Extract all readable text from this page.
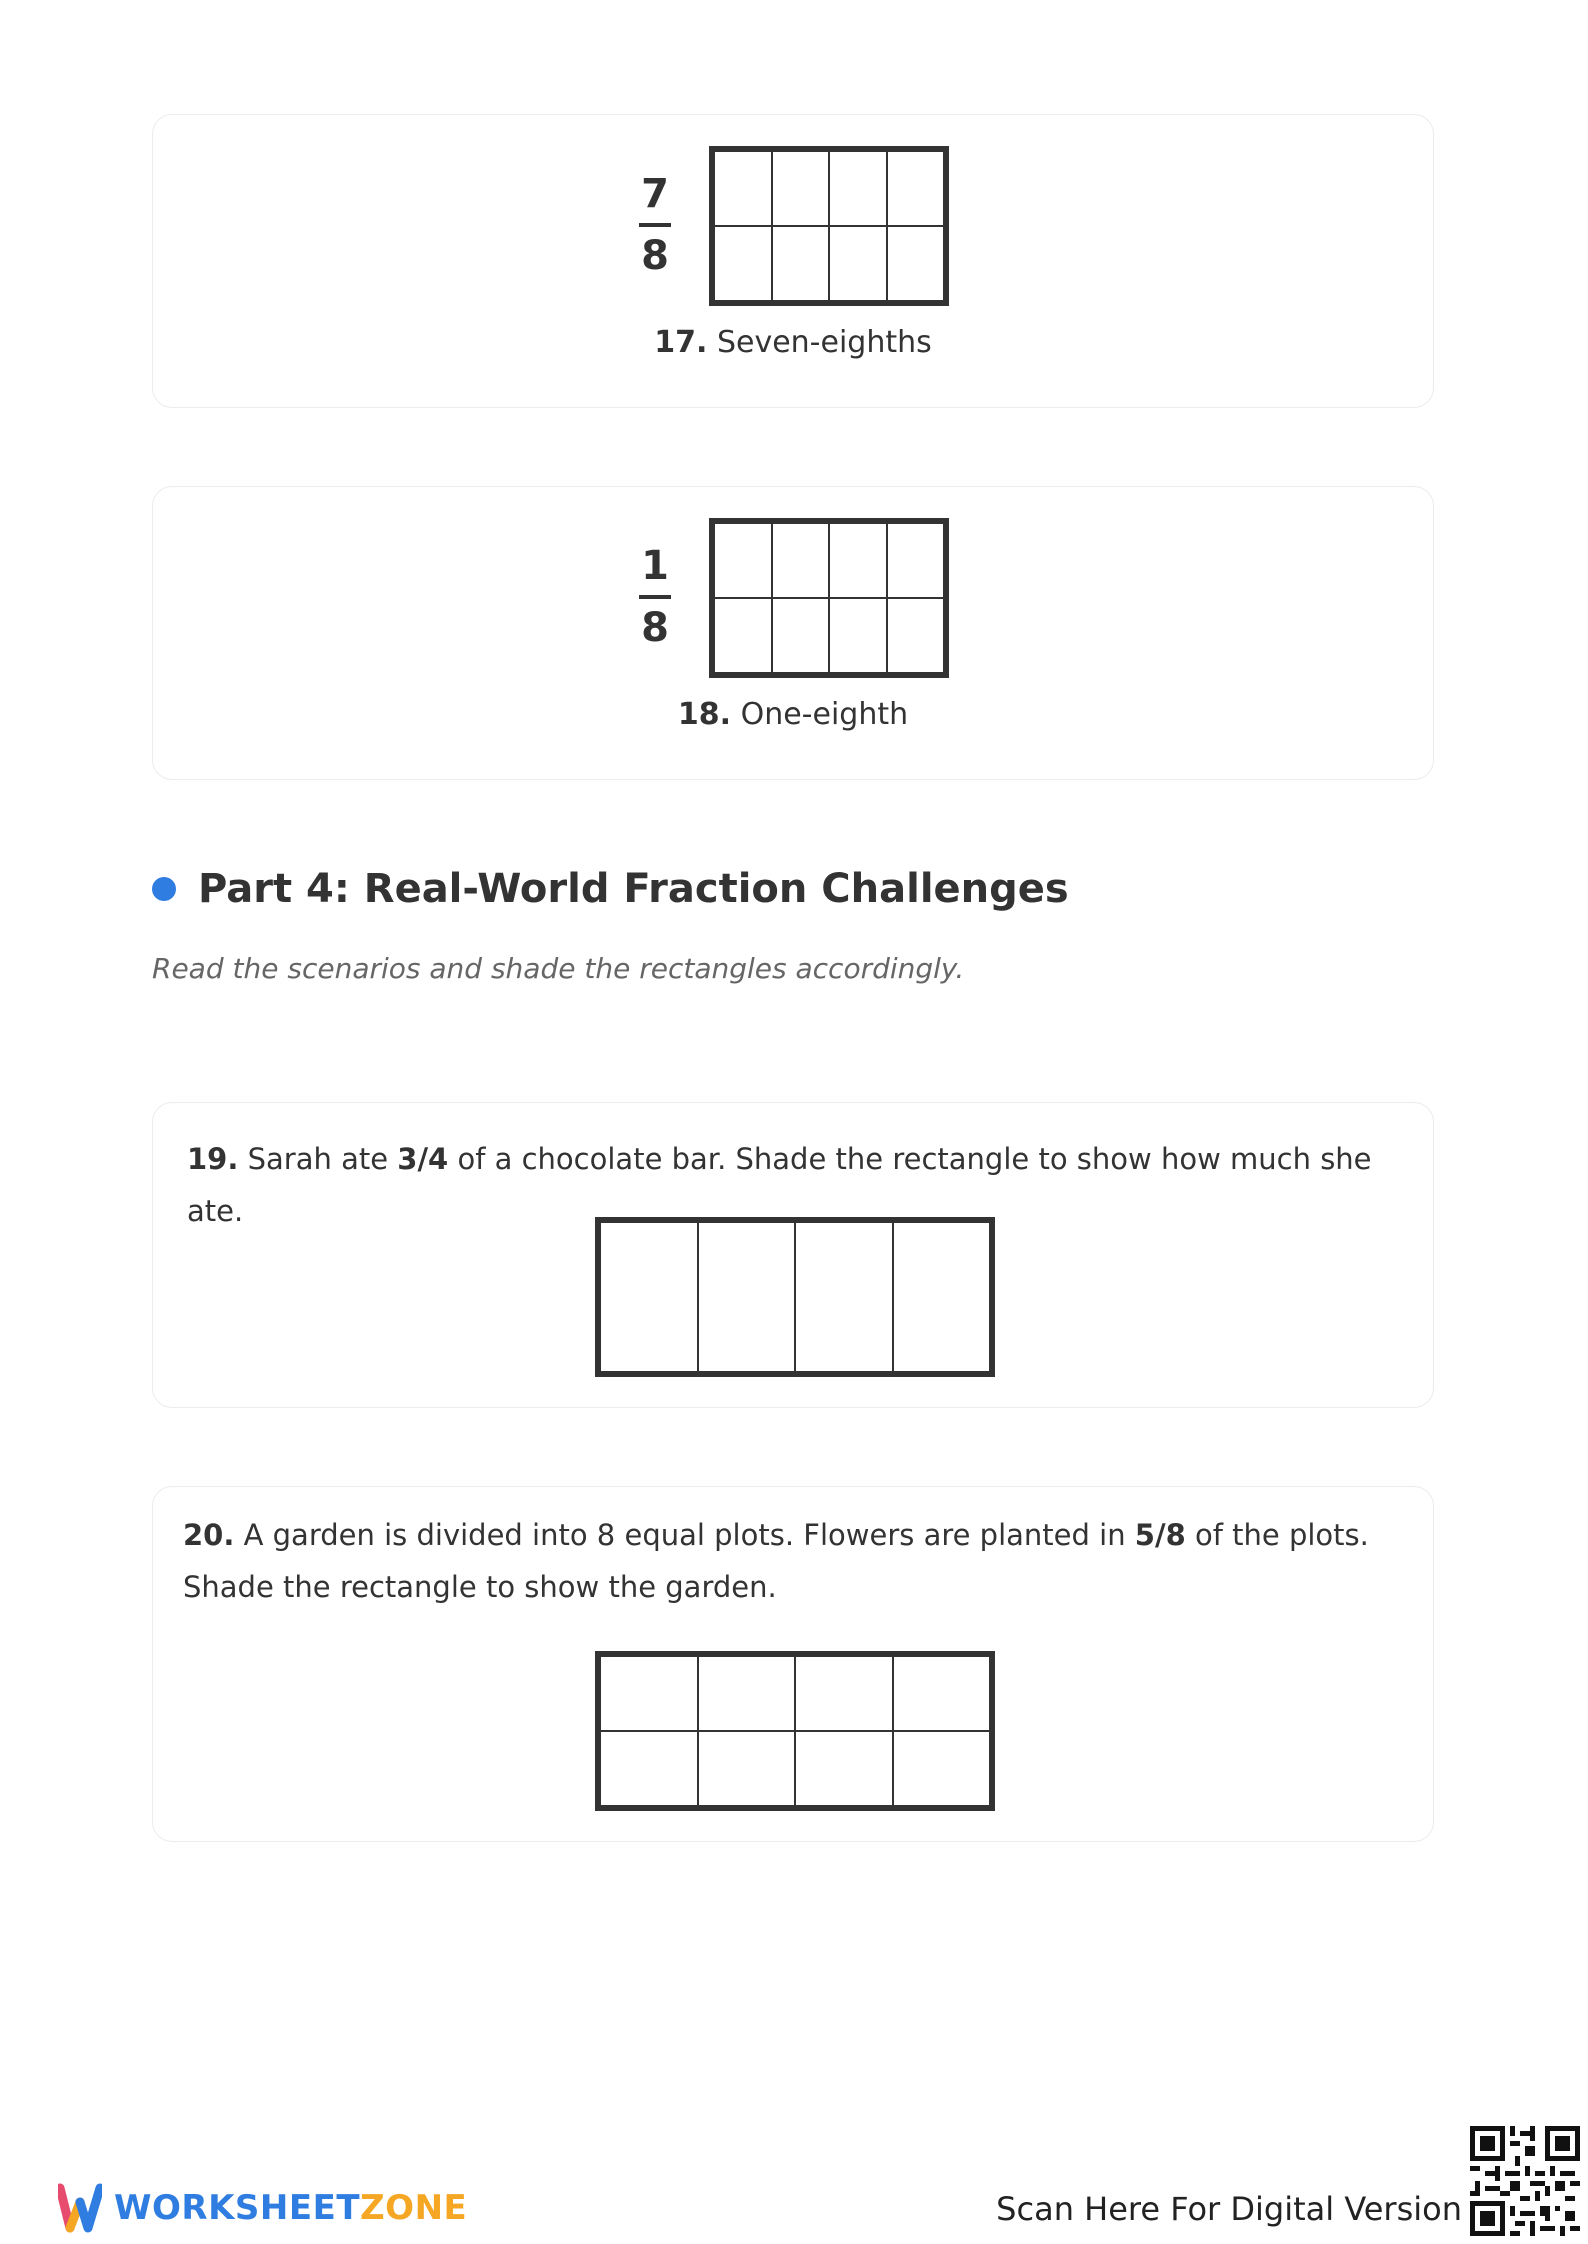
7
8
17. Seven-eighths
1
8
18. One-eighth
Part 4: Real-World Fraction Challenges
Read the scenarios and shade the rectangles accordingly.
19. Sarah ate 3/4 of a chocolate bar. Shade the rectangle to show how much she ate.
20. A garden is divided into 8 equal plots. Flowers are planted in 5/8 of the plots. Shade the rectangle to show the garden.
WORKSHEETZONE	Scan Here For Digital Version
